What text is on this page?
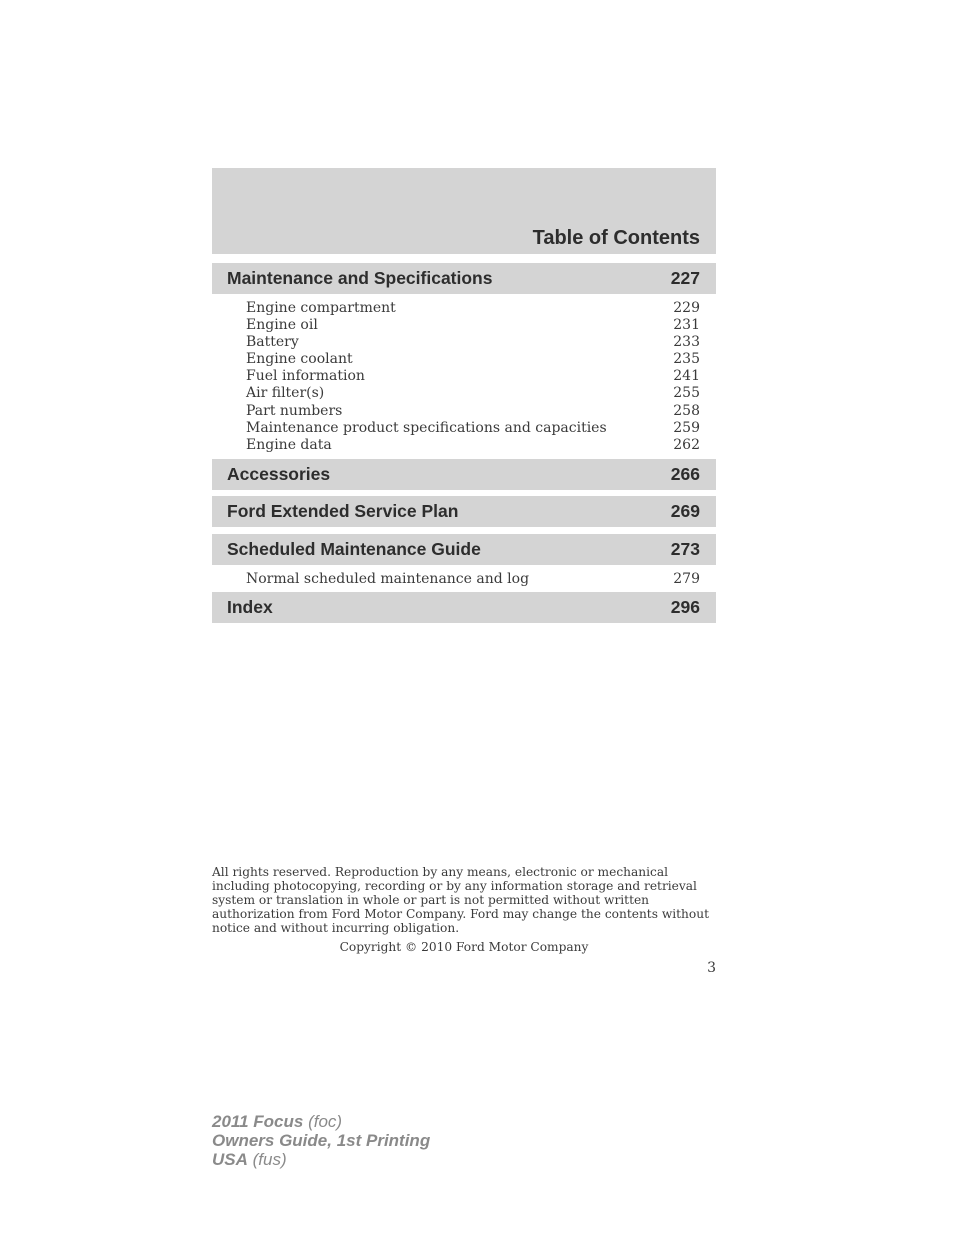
Table of Contents
Maintenance and Specifications	227
Engine compartment	229
Engine oil	231
Battery	233
Engine coolant	235
Fuel information	241
Air filter(s)	255
Part numbers	258
Maintenance product specifications and capacities	259
Engine data	262
Accessories	266
Ford Extended Service Plan	269
Scheduled Maintenance Guide	273
Normal scheduled maintenance and log	279
Index	296
All rights reserved. Reproduction by any means, electronic or mechanical including photocopying, recording or by any information storage and retrieval system or translation in whole or part is not permitted without written authorization from Ford Motor Company. Ford may change the contents without notice and without incurring obligation.
Copyright © 2010 Ford Motor Company
3
2011 Focus (foc)
Owners Guide, 1st Printing
USA (fus)
